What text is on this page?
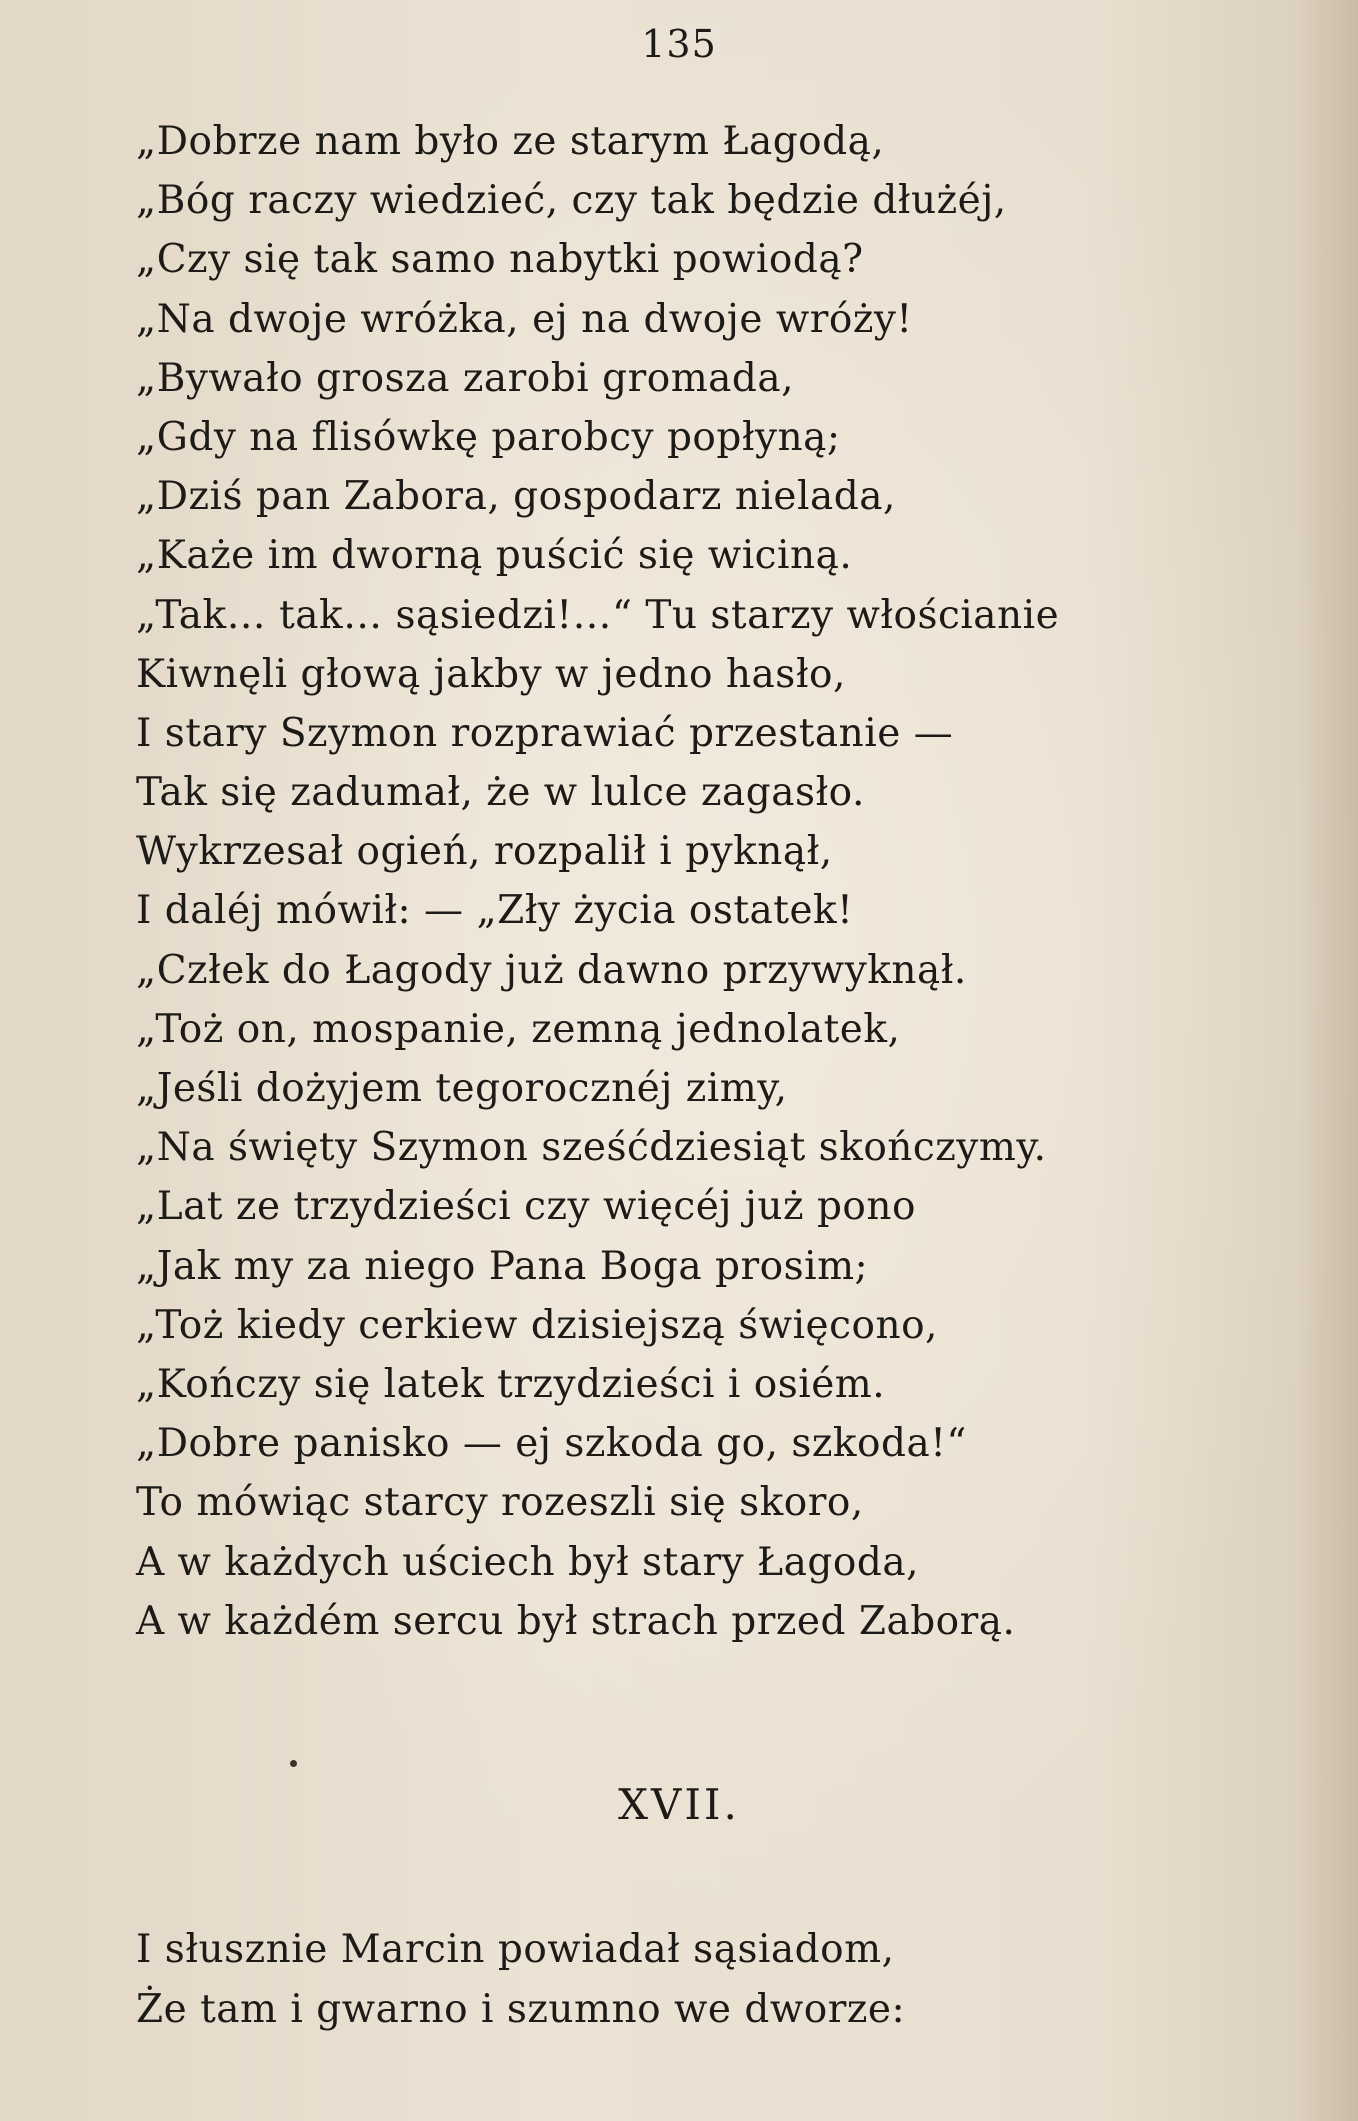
135
„Dobrze nam było ze starym Łagodą,
„Bóg raczy wiedzieć, czy tak będzie dłużéj,
„Czy się tak samo nabytki powiodą?
„Na dwoje wróżka, ej na dwoje wróży!
„Bywało grosza zarobi gromada,
„Gdy na flisówkę parobcy popłyną;
„Dziś pan Zabora, gospodarz nielada,
„Każe im dworną puścić się wiciną.
„Tak… tak… sąsiedzi!…“ Tu starzy włościanie
Kiwnęli głową jakby w jedno hasło,
I stary Szymon rozprawiać przestanie —
Tak się zadumał, że w lulce zagasło.
Wykrzesał ogień, rozpalił i pyknął,
I daléj mówił: — „Zły życia ostatek!
„Człek do Łagody już dawno przywyknął.
„Toż on, mospanie, zemną jednolatek,
„Jeśli dożyjem tegorocznéj zimy,
„Na święty Szymon sześćdziesiąt skończymy.
„Lat ze trzydzieści czy więcéj już pono
„Jak my za niego Pana Boga prosim;
„Toż kiedy cerkiew dzisiejszą święcono,
„Kończy się latek trzydzieści i osiém.
„Dobre panisko — ej szkoda go, szkoda!“
To mówiąc starcy rozeszli się skoro,
A w każdych uściech był stary Łagoda,
A w każdém sercu był strach przed Zaborą.
XVII.
I słusznie Marcin powiadał sąsiadom,
Że tam i gwarno i szumno we dworze:
